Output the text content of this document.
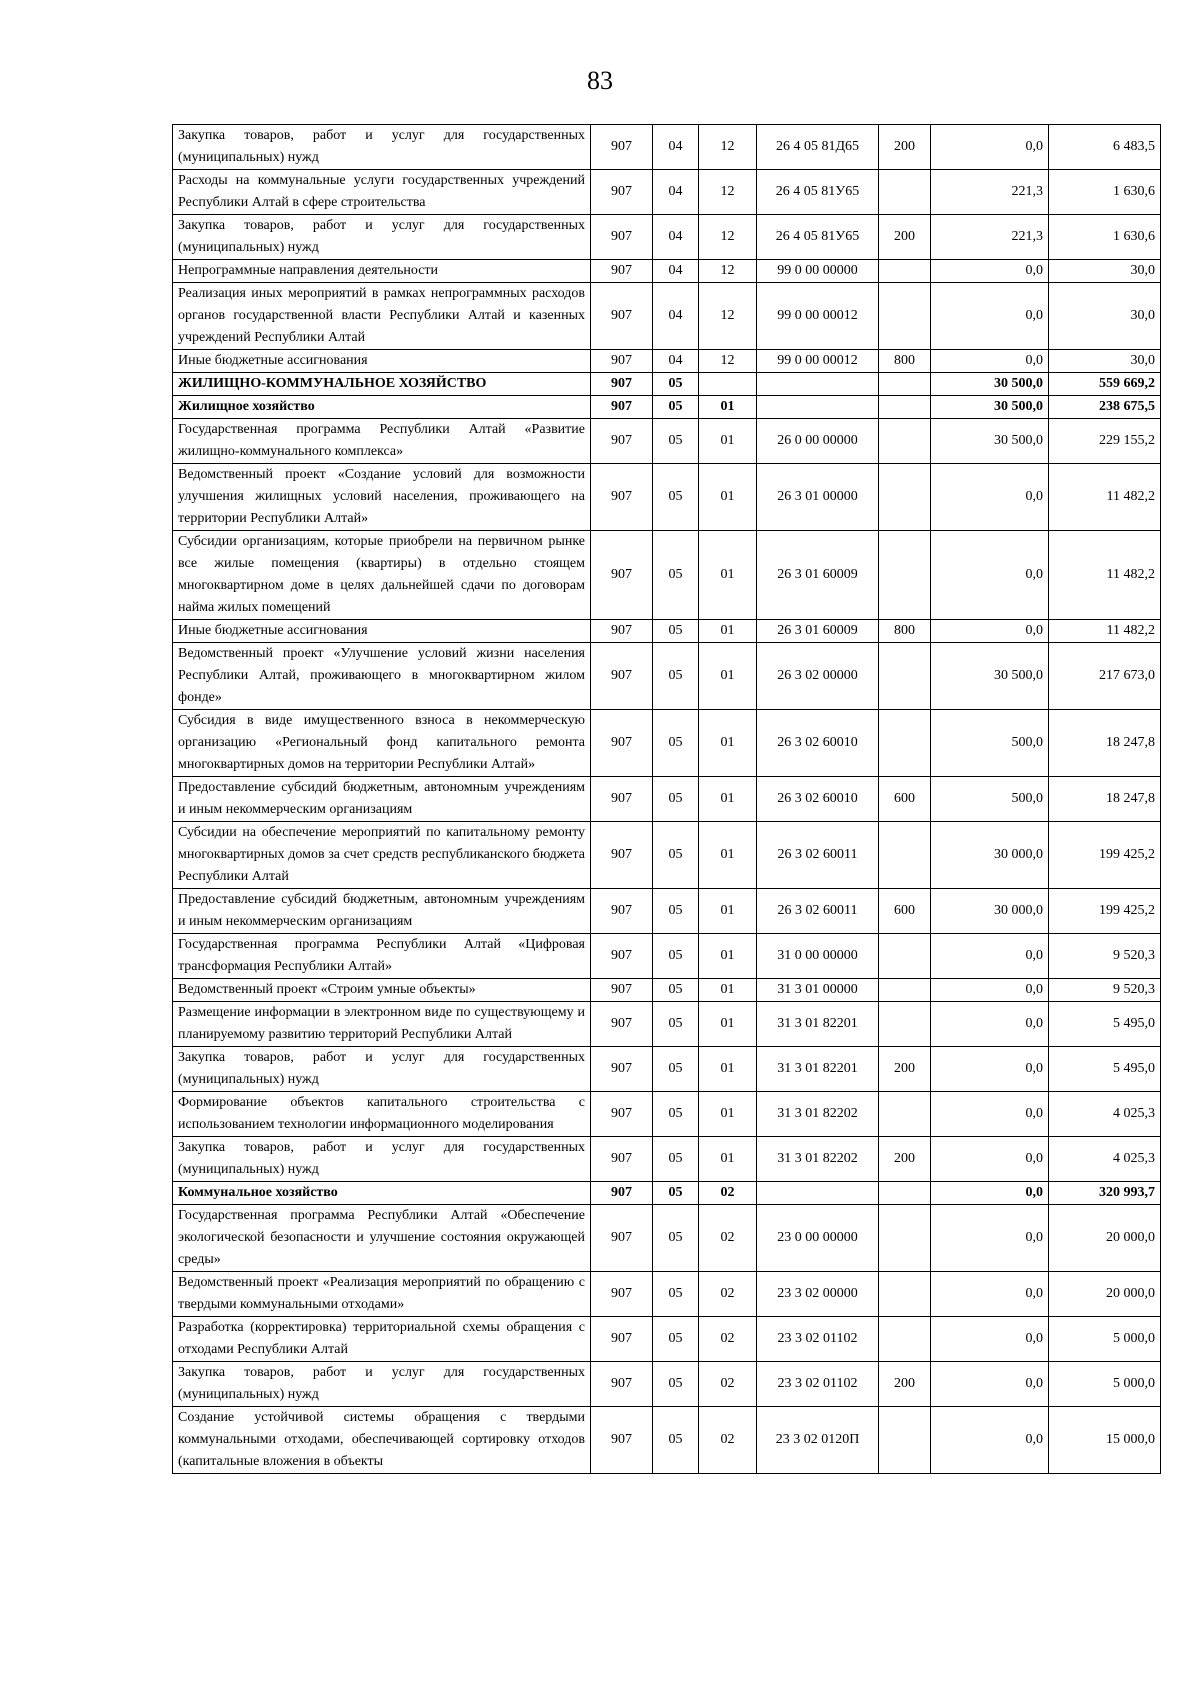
83
Закупка товаров, работ и услуг для государственных (муниципальных) нужд	907	04	12	26 4 05 81Д65	200	0,0	6 483,5
Расходы на коммунальные услуги государственных учреждений Республики Алтай в сфере строительства	907	04	12	26 4 05 81У65		221,3	1 630,6
Закупка товаров, работ и услуг для государственных (муниципальных) нужд	907	04	12	26 4 05 81У65	200	221,3	1 630,6
Непрограммные направления деятельности	907	04	12	99 0 00 00000		0,0	30,0
Реализация иных мероприятий в рамках непрограммных расходов органов государственной власти Республики Алтай и казенных учреждений Республики Алтай	907	04	12	99 0 00 00012		0,0	30,0
Иные бюджетные ассигнования	907	04	12	99 0 00 00012	800	0,0	30,0
ЖИЛИЩНО-КОММУНАЛЬНОЕ ХОЗЯЙСТВО	907	05				30 500,0	559 669,2
Жилищное хозяйство	907	05	01			30 500,0	238 675,5
Государственная программа Республики Алтай «Развитие жилищно-коммунального комплекса»	907	05	01	26 0 00 00000		30 500,0	229 155,2
Ведомственный проект «Создание условий для возможности улучшения жилищных условий населения, проживающего на территории Республики Алтай»	907	05	01	26 3 01 00000		0,0	11 482,2
Субсидии организациям, которые приобрели на первичном рынке все жилые помещения (квартиры) в отдельно стоящем многоквартирном доме в целях дальнейшей сдачи по договорам найма жилых помещений	907	05	01	26 3 01 60009		0,0	11 482,2
Иные бюджетные ассигнования	907	05	01	26 3 01 60009	800	0,0	11 482,2
Ведомственный проект «Улучшение условий жизни населения Республики Алтай, проживающего в многоквартирном жилом фонде»	907	05	01	26 3 02 00000		30 500,0	217 673,0
Субсидия в виде имущественного взноса в некоммерческую организацию «Региональный фонд капитального ремонта многоквартирных домов на территории Республики Алтай»	907	05	01	26 3 02 60010		500,0	18 247,8
Предоставление субсидий бюджетным, автономным учреждениям и иным некоммерческим организациям	907	05	01	26 3 02 60010	600	500,0	18 247,8
Субсидии на обеспечение мероприятий по капитальному ремонту многоквартирных домов за счет средств республиканского бюджета Республики Алтай	907	05	01	26 3 02 60011		30 000,0	199 425,2
Предоставление субсидий бюджетным, автономным учреждениям и иным некоммерческим организациям	907	05	01	26 3 02 60011	600	30 000,0	199 425,2
Государственная программа Республики Алтай «Цифровая трансформация Республики Алтай»	907	05	01	31 0 00 00000		0,0	9 520,3
Ведомственный проект «Строим умные объекты»	907	05	01	31 3 01 00000		0,0	9 520,3
Размещение информации в электронном виде по существующему и планируемому развитию территорий Республики Алтай	907	05	01	31 3 01 82201		0,0	5 495,0
Закупка товаров, работ и услуг для государственных (муниципальных) нужд	907	05	01	31 3 01 82201	200	0,0	5 495,0
Формирование объектов капитального строительства с использованием технологии информационного моделирования	907	05	01	31 3 01 82202		0,0	4 025,3
Закупка товаров, работ и услуг для государственных (муниципальных) нужд	907	05	01	31 3 01 82202	200	0,0	4 025,3
Коммунальное хозяйство	907	05	02			0,0	320 993,7
Государственная программа Республики Алтай «Обеспечение экологической безопасности и улучшение состояния окружающей среды»	907	05	02	23 0 00 00000		0,0	20 000,0
Ведомственный проект «Реализация мероприятий по обращению с твердыми коммунальными отходами»	907	05	02	23 3 02 00000		0,0	20 000,0
Разработка (корректировка) территориальной схемы обращения с отходами Республики Алтай	907	05	02	23 3 02 01102		0,0	5 000,0
Закупка товаров, работ и услуг для государственных (муниципальных) нужд	907	05	02	23 3 02 01102	200	0,0	5 000,0
Создание устойчивой системы обращения с твердыми коммунальными отходами, обеспечивающей сортировку отходов (капитальные вложения в объекты	907	05	02	23 3 02 0120П		0,0	15 000,0
